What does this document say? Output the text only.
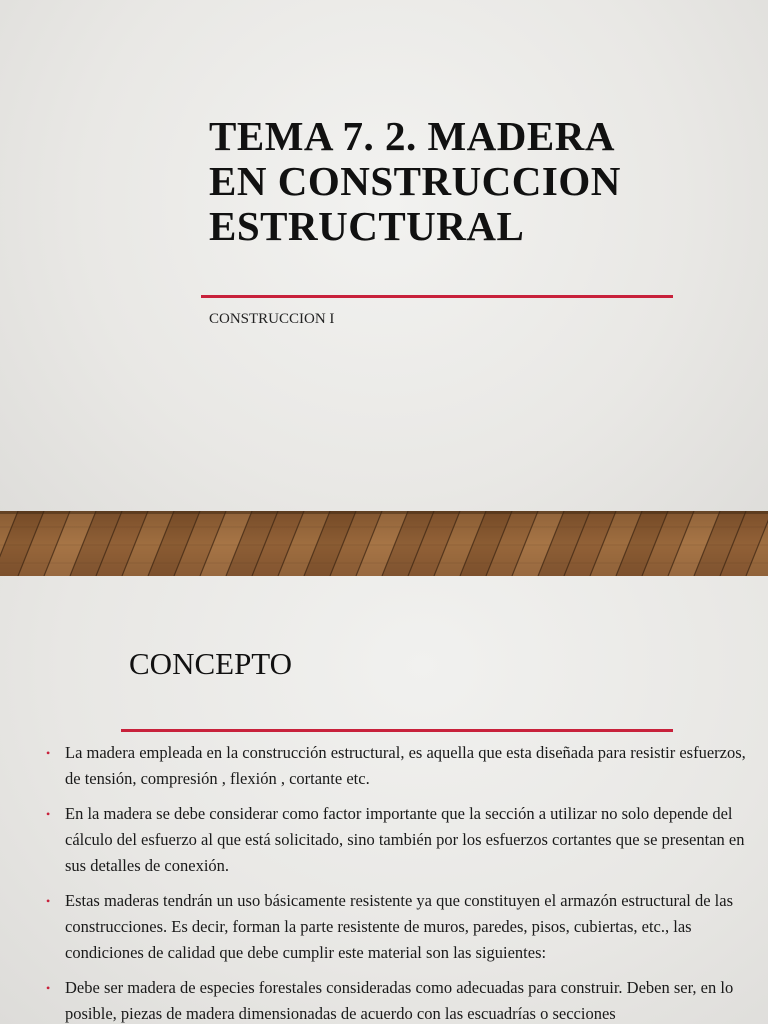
TEMA 7. 2. MADERA
EN CONSTRUCCION
ESTRUCTURAL

CONSTRUCCION I

CONCEPTO
• La madera empleada en la construcción estructural, es aquella que esta diseñada para resistir esfuerzos, de tensión, compresión , flexión , cortante etc.
• En la madera se debe considerar como factor importante que la sección a utilizar no solo depende del cálculo del esfuerzo al que está solicitado, sino también por los esfuerzos cortantes que se presentan en sus detalles de conexión.
• Estas maderas tendrán un uso básicamente resistente ya que constituyen el armazón estructural de las construcciones. Es decir, forman la parte resistente de muros, paredes, pisos, cubiertas, etc., las condiciones de calidad que debe cumplir este material son las siguientes:
• Debe ser madera de especies forestales consideradas como adecuadas para construir. Deben ser, en lo posible, piezas de madera dimensionadas de acuerdo con las escuadrías o secciones
